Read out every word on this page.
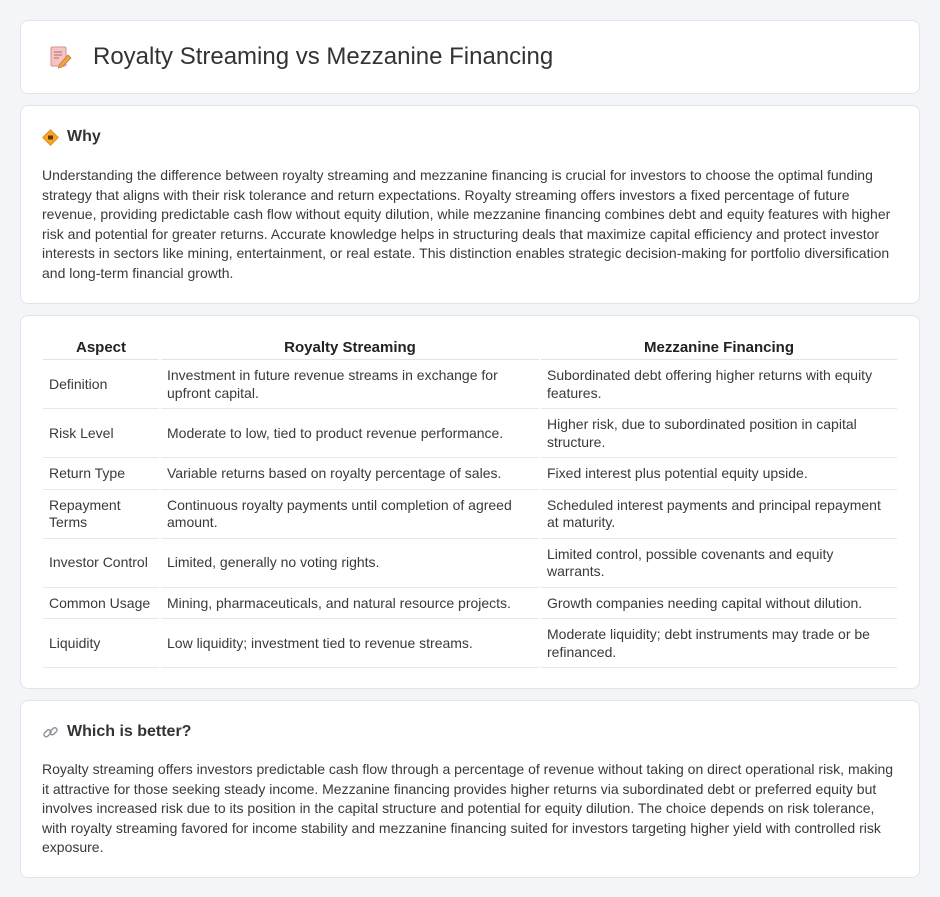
Royalty Streaming vs Mezzanine Financing
Why

Understanding the difference between royalty streaming and mezzanine financing is crucial for investors to choose the optimal funding strategy that aligns with their risk tolerance and return expectations. Royalty streaming offers investors a fixed percentage of future revenue, providing predictable cash flow without equity dilution, while mezzanine financing combines debt and equity features with higher risk and potential for greater returns. Accurate knowledge helps in structuring deals that maximize capital efficiency and protect investor interests in sectors like mining, entertainment, or real estate. This distinction enables strategic decision-making for portfolio diversification and long-term financial growth.

Aspect	Royalty Streaming	Mezzanine Financing
Definition	Investment in future revenue streams in exchange for upfront capital.	Subordinated debt offering higher returns with equity features.
Risk Level	Moderate to low, tied to product revenue performance.	Higher risk, due to subordinated position in capital structure.
Return Type	Variable returns based on royalty percentage of sales.	Fixed interest plus potential equity upside.
Repayment Terms	Continuous royalty payments until completion of agreed amount.	Scheduled interest payments and principal repayment at maturity.
Investor Control	Limited, generally no voting rights.	Limited control, possible covenants and equity warrants.
Common Usage	Mining, pharmaceuticals, and natural resource projects.	Growth companies needing capital without dilution.
Liquidity	Low liquidity; investment tied to revenue streams.	Moderate liquidity; debt instruments may trade or be refinanced.
Which is better?

Royalty streaming offers investors predictable cash flow through a percentage of revenue without taking on direct operational risk, making it attractive for those seeking steady income. Mezzanine financing provides higher returns via subordinated debt or preferred equity but involves increased risk due to its position in the capital structure and potential for equity dilution. The choice depends on risk tolerance, with royalty streaming favored for income stability and mezzanine financing suited for investors targeting higher yield with controlled risk exposure.
